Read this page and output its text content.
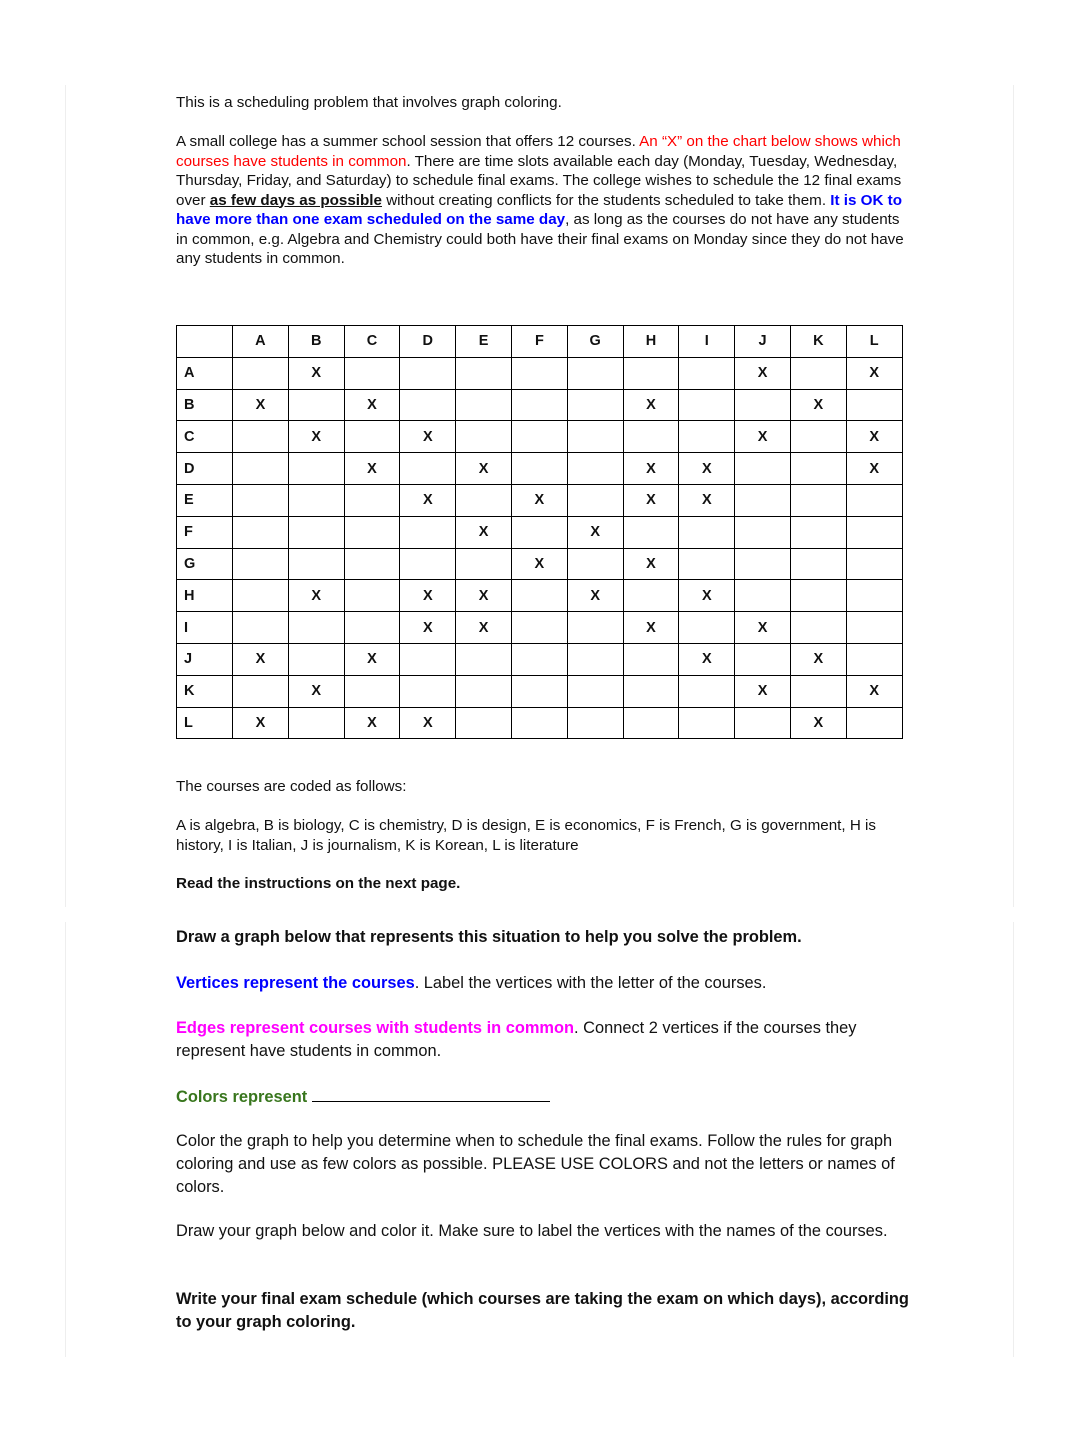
This is a scheduling problem that involves graph coloring.

A small college has a summer school session that offers 12 courses. An “X” on the chart below shows which courses have students in common. There are time slots available each day (Monday, Tuesday, Wednesday, Thursday, Friday, and Saturday) to schedule final exams. The college wishes to schedule the 12 final exams over as few days as possible without creating conflicts for the students scheduled to take them. It is OK to have more than one exam scheduled on the same day, as long as the courses do not have any students in common, e.g. Algebra and Chemistry could both have their final exams on Monday since they do not have any students in common.

	A	B	C	D	E	F	G	H	I	J	K	L
A		X								X		X
B	X		X					X			X	
C		X		X						X		X
D			X		X			X	X			X
E				X		X		X	X			
F					X		X					
G						X		X				
H		X		X	X		X		X			
I				X	X			X		X		
J	X		X						X		X	
K		X								X		X
L	X		X	X							X	

The courses are coded as follows:

A is algebra, B is biology, C is chemistry, D is design, E is economics, F is French, G is government, H is history, I is Italian, J is journalism, K is Korean, L is literature

Read the instructions on the next page.

Draw a graph below that represents this situation to help you solve the problem.

Vertices represent the courses. Label the vertices with the letter of the courses.

Edges represent courses with students in common. Connect 2 vertices if the courses they represent have students in common.

Colors represent

Color the graph to help you determine when to schedule the final exams. Follow the rules for graph coloring and use as few colors as possible. PLEASE USE COLORS and not the letters or names of colors.

Draw your graph below and color it. Make sure to label the vertices with the names of the courses.

Write your final exam schedule (which courses are taking the exam on which days), according to your graph coloring.
